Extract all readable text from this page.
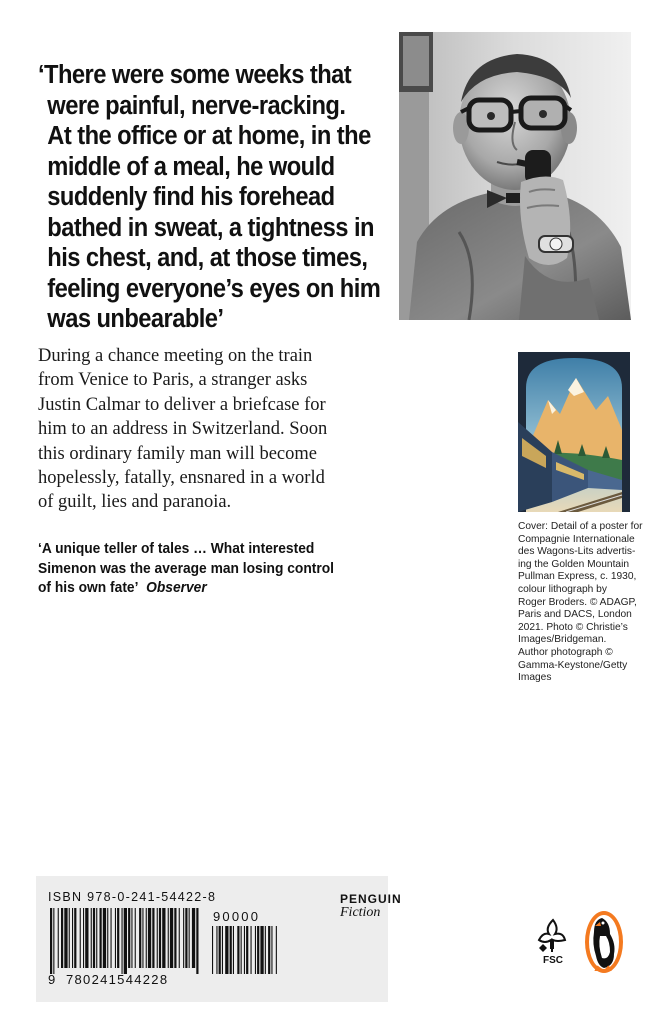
‘There were some weeks that
were painful, nerve-racking.
At the office or at home, in the
middle of a meal, he would
suddenly find his forehead
bathed in sweat, a tightness in
his chest, and, at those times,
feeling everyone’s eyes on him
was unbearable’
During a chance meeting on the train
from Venice to Paris, a stranger asks
Justin Calmar to deliver a briefcase for
him to an address in Switzerland. Soon
this ordinary family man will become
hopelessly, fatally, ensnared in a world
of guilt, lies and paranoia.
‘A unique teller of tales … What interested
Simenon was the average man losing control
of his own fate’ Observer
Cover: Detail of a poster for
Compagnie Internationale
des Wagons-Lits advertis-
ing the Golden Mountain
Pullman Express, c. 1930,
colour lithograph by
Roger Broders. © ADAGP,
Paris and DACS, London
2021. Photo © Christie’s
Images/Bridgeman.
Author photograph ©
Gamma-Keystone/Getty
Images
ISBN 978-0-241-54422-8
90000
9 780241544228
PENGUIN
Fiction
FSC
